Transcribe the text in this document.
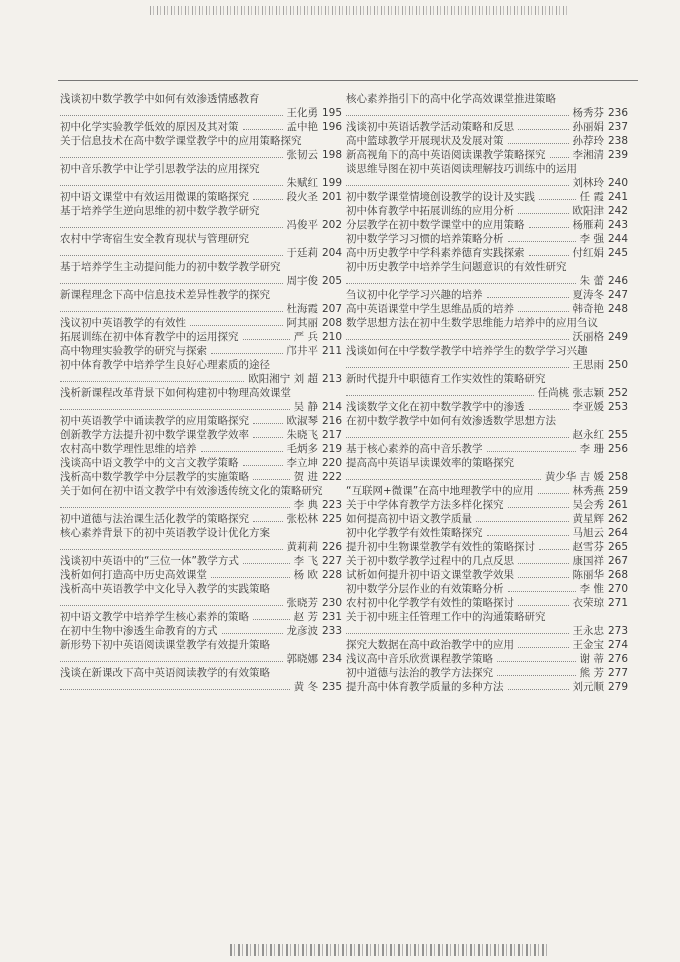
浅谈初中数学教学中如何有效渗透情感教育
王化勇 195
初中化学实验教学低效的原因及其对策	孟中艳 196
关于信息技术在高中数学课堂教学中的应用策略探究
张韧云 198
初中音乐教学中让学引思教学法的应用探究
朱赋红 199
初中语文课堂中有效运用微课的策略探究	段火圣 201
基于培养学生逆向思维的初中数学教学研究
冯俊平 202
农村中学寄宿生安全教育现状与管理研究
于廷莉 204
基于培养学生主动提问能力的初中数学教学研究
周宇俊 205
新课程理念下高中信息技术差异性教学的探究
杜海霞 207
浅议初中英语教学的有效性	阿其丽 208
拓展训练在初中体育教学中的运用探究	严 兵 210
高中物理实验教学的研究与探索	邝井平 211
初中体育教学中培养学生良好心理素质的途径
欧阳湘宁 刘 超 213
浅析新课程改革背景下如何构建初中物理高效课堂
吴 静 214
初中英语教学中诵读教学的应用策略探究	欧淑琴 216
创新教学方法提升初中数学课堂教学效率	朱晓飞 217
农村高中数学理性思维的培养	毛炳多 219
浅谈高中语文教学中的文言文教学策略	李立坤 220
浅析高中数学教学中分层教学的实施策略	贺 进 222
关于如何在初中语文教学中有效渗透传统文化的策略研究
李 典 223
初中道德与法治课生活化教学的策略探究	张松林 225
核心素养背景下的初中英语教学设计优化方案
黄莉莉 226
浅谈初中英语中的“三位一体”教学方式	李 飞 227
浅析如何打造高中历史高效课堂	杨 欧 228
浅析高中英语教学中文化导入教学的实践策略
张晓芳 230
初中语文教学中培养学生核心素养的策略	赵 芳 231
在初中生物中渗透生命教育的方式	龙彦波 233
新形势下初中英语阅读课堂教学有效提升策略
郭晓娜 234
浅谈在新课改下高中英语阅读教学的有效策略
黄 冬 235
核心素养指引下的高中化学高效课堂推进策略
杨秀芬 236
浅谈初中英语话教学活动策略和反思	孙丽娟 237
高中篮球教学开展现状及发展对策	孙荐玲 238
新高视角下的高中英语阅读课教学策略探究	李湘清 239
谈思维导图在初中英语阅读理解技巧训练中的运用
刘林玲 240
初中数学课堂情境创设教学的设计及实践	任 霞 241
初中体育教学中拓展训练的应用分析	欧阳津 242
分层教学在初中数学课堂中的应用策略	杨雁莉 243
初中数学学习习惯的培养策略分析	李 强 244
高中历史教学中学科素养德育实践探索	付红娟 245
初中历史教学中培养学生问题意识的有效性研究
朱 蕾 246
刍议初中化学学习兴趣的培养	夏涛冬 247
高中英语课堂中学生思维品质的培养	韩奇艳 248
数学思想方法在初中生数学思维能力培养中的应用刍议
沃丽格 249
浅谈如何在中学数学教学中培养学生的数学学习兴趣
王思雨 250
新时代提升中职德育工作实效性的策略研究
任尚桃 张志颖 252
浅谈数学文化在初中数学教学中的渗透	李亚媛 253
在初中数学教学中如何有效渗透数学思想方法
赵永红 255
基于核心素养的高中音乐教学	李 珊 256
提高高中英语早读课效率的策略探究
黄少华 吉 媛 258
“互联网+微课”在高中地理教学中的应用	林秀燕 259
关于中学体育教学方法多样化探究	吴会秀 261
如何提高初中语文教学质量	黄星辉 262
初中化学教学有效性策略探究	马旭云 264
提升初中生物课堂教学有效性的策略探讨	赵雪芬 265
关于初中数学教学过程中的几点反思	康国祥 267
试析如何提升初中语文课堂教学效果	陈丽华 268
初中数学分层作业的有效策略分析	李 惟 270
农村初中化学教学有效性的策略探讨	衣荣琼 271
关于初中班主任管理工作中的沟通策略研究
王永忠 273
探究大数据在高中政治教学中的应用	王金宝 274
浅议高中音乐欣赏课程教学策略	谢 蒂 276
初中道德与法治的教学方法探究	熊 芳 277
提升高中体育教学质量的多种方法	刘元顺 279
